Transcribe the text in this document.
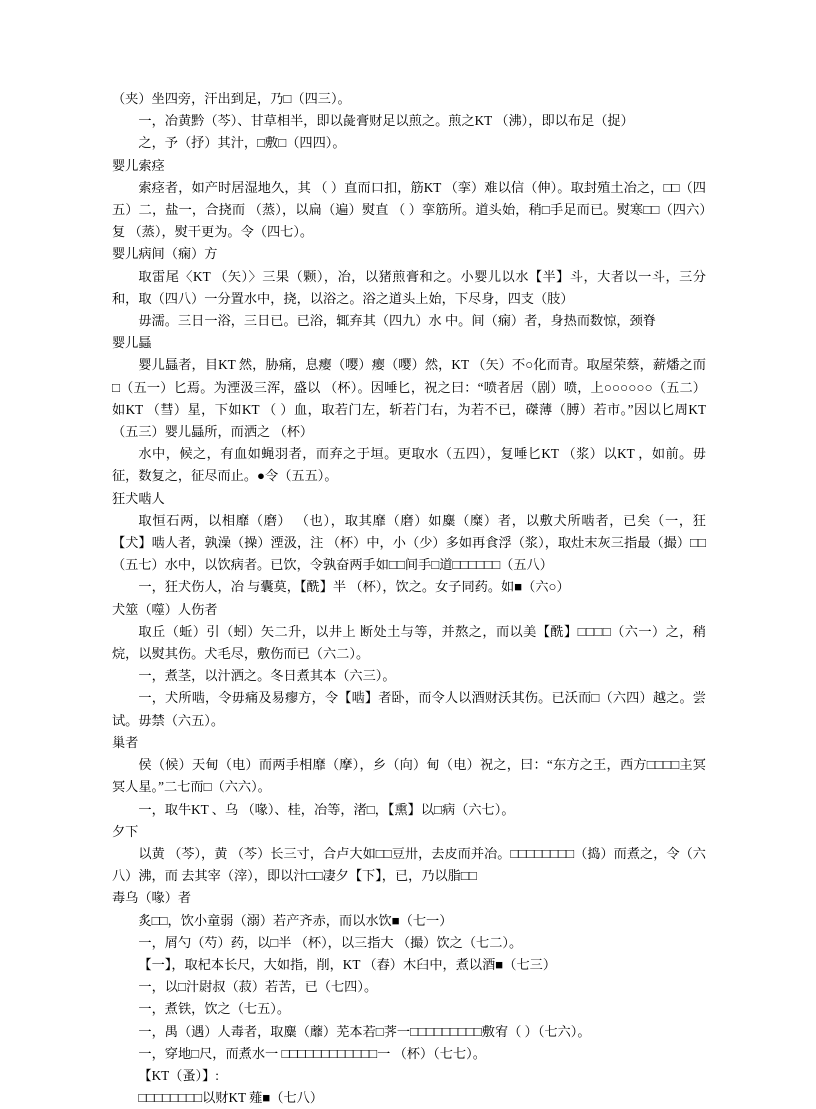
（夹）坐四旁，汗出到足，乃□（四三）。

一，冶黄黔（芩）、甘草相半，即以彘膏财足以煎之。煎之KT （沸），即以布足（捉）

之，予（抒）其汁，□敷□（四四）。

婴儿索痉

索痉者，如产时居湿地久，其 （ ）直而口扣，筋KT （挛）难以信（伸）。取封殖土冶之，□□（四五）二，盐一，合挠而 （蒸），以扁（遍）熨直 （ ）挛筋所。道头始，稍□手足而已。熨寒□□（四六）复 （蒸），熨干更为。令（四七）。

婴儿病间（痫）方

取雷尾〈KT （矢）〉三果（颗），冶，以猪煎膏和之。小婴儿以水【半】斗，大者以一斗，三分和，取（四八）一分置水中，挠，以浴之。浴之道头上始，下尽身，四支（肢）

毋濡。三日一浴，三日已。已浴，辄弃其（四九）水 中。间（痫）者，身热而数惊，颈脊

婴儿螶

婴儿螶者，目KT 然，胁痛，息瘿（嘤）瘿（嘤）然，KT （矢）不○化而青。取屋荣蔡，薪燔之而□（五一）匕焉。为湮汲三浑，盛以 （杯）。因唾匕，祝之曰：“喷者居（剧）喷，上○○○○○○（五二）如KT （彗）星，下如KT （ ）血，取若门左，斩若门右，为若不已，磔薄（膊）若市。”因以匕周KT （五三）婴儿螶所，而洒之 （杯）

水中，候之，有血如蝇羽者，而弃之于垣。更取水（五四），复唾匕KT （浆）以KT ，如前。毋征，数复之，征尽而止。●令（五五）。

狂犬啮人

取恒石两，以相靡（磨） （也），取其靡（磨）如麋（糜）者，以敷犬所啮者，已矣（一，狂【犬】啮人者，孰澡（操）湮汲，注 （杯）中，小（少）多如再食浮（浆），取灶末灰三指最（撮）□□（五七）水中，以饮病者。已饮，令孰奋两手如□□间手□道□□□□□□（五八）

一，狂犬伤人，冶 与囊莫，【酰】半 （杯），饮之。女子同药。如■（六○）

犬筮（噬）人伤者

取丘（蚯）引（蚓）矢二升，以井上 断处土与等，并熬之，而以美【酰】□□□□（六一）之，稍烷，以熨其伤。犬毛尽，敷伤而已（六二）。

一，煮茎，以汁洒之。冬日煮其本（六三）。

一，犬所啮，令毋痛及易瘳方，令【啮】者卧，而令人以酒财沃其伤。已沃而□（六四）越之。尝试。毋禁（六五）。

巢者

侯（候）天甸（电）而两手相靡（摩），乡（向）甸（电）祝之，曰：“东方之王，西方□□□□主冥冥人星。”二七而□（六六）。

一，取牛KT 、乌 （喙）、桂，冶等，渚□，【熏】以□病（六七）。

夕下

以黄 （芩），黄 （芩）长三寸，合卢大如□□豆卅，去皮而并冶。□□□□□□□□（捣）而煮之，令（六八）沸，而 去其宰（滓），即以汁□□凄夕【下】，已，乃以脂□□

毒乌（喙）者

炙□□，饮小童弱（溺）若产齐赤，而以水饮■（七一）

一，屑勺（芍）药，以□半 （杯），以三指大 （撮）饮之（七二）。

【一】，取杞本长尺，大如指，削，KT （舂）木臼中，煮以酒■（七三）

一，以□汁㷉叔（菽）若苦，已（七四）。

一，煮铁，饮之（七五）。

一，禺（遇）人毒者，取麋（蘼）芜本若□荠一□□□□□□□□□敷宥（ ）（七六）。

一，穿地□尺，而煮水一 □□□□□□□□□□□□一 （杯）（七七）。

【KT（蚤）】:

□□□□□□□□以财KT 薤■（七八）
